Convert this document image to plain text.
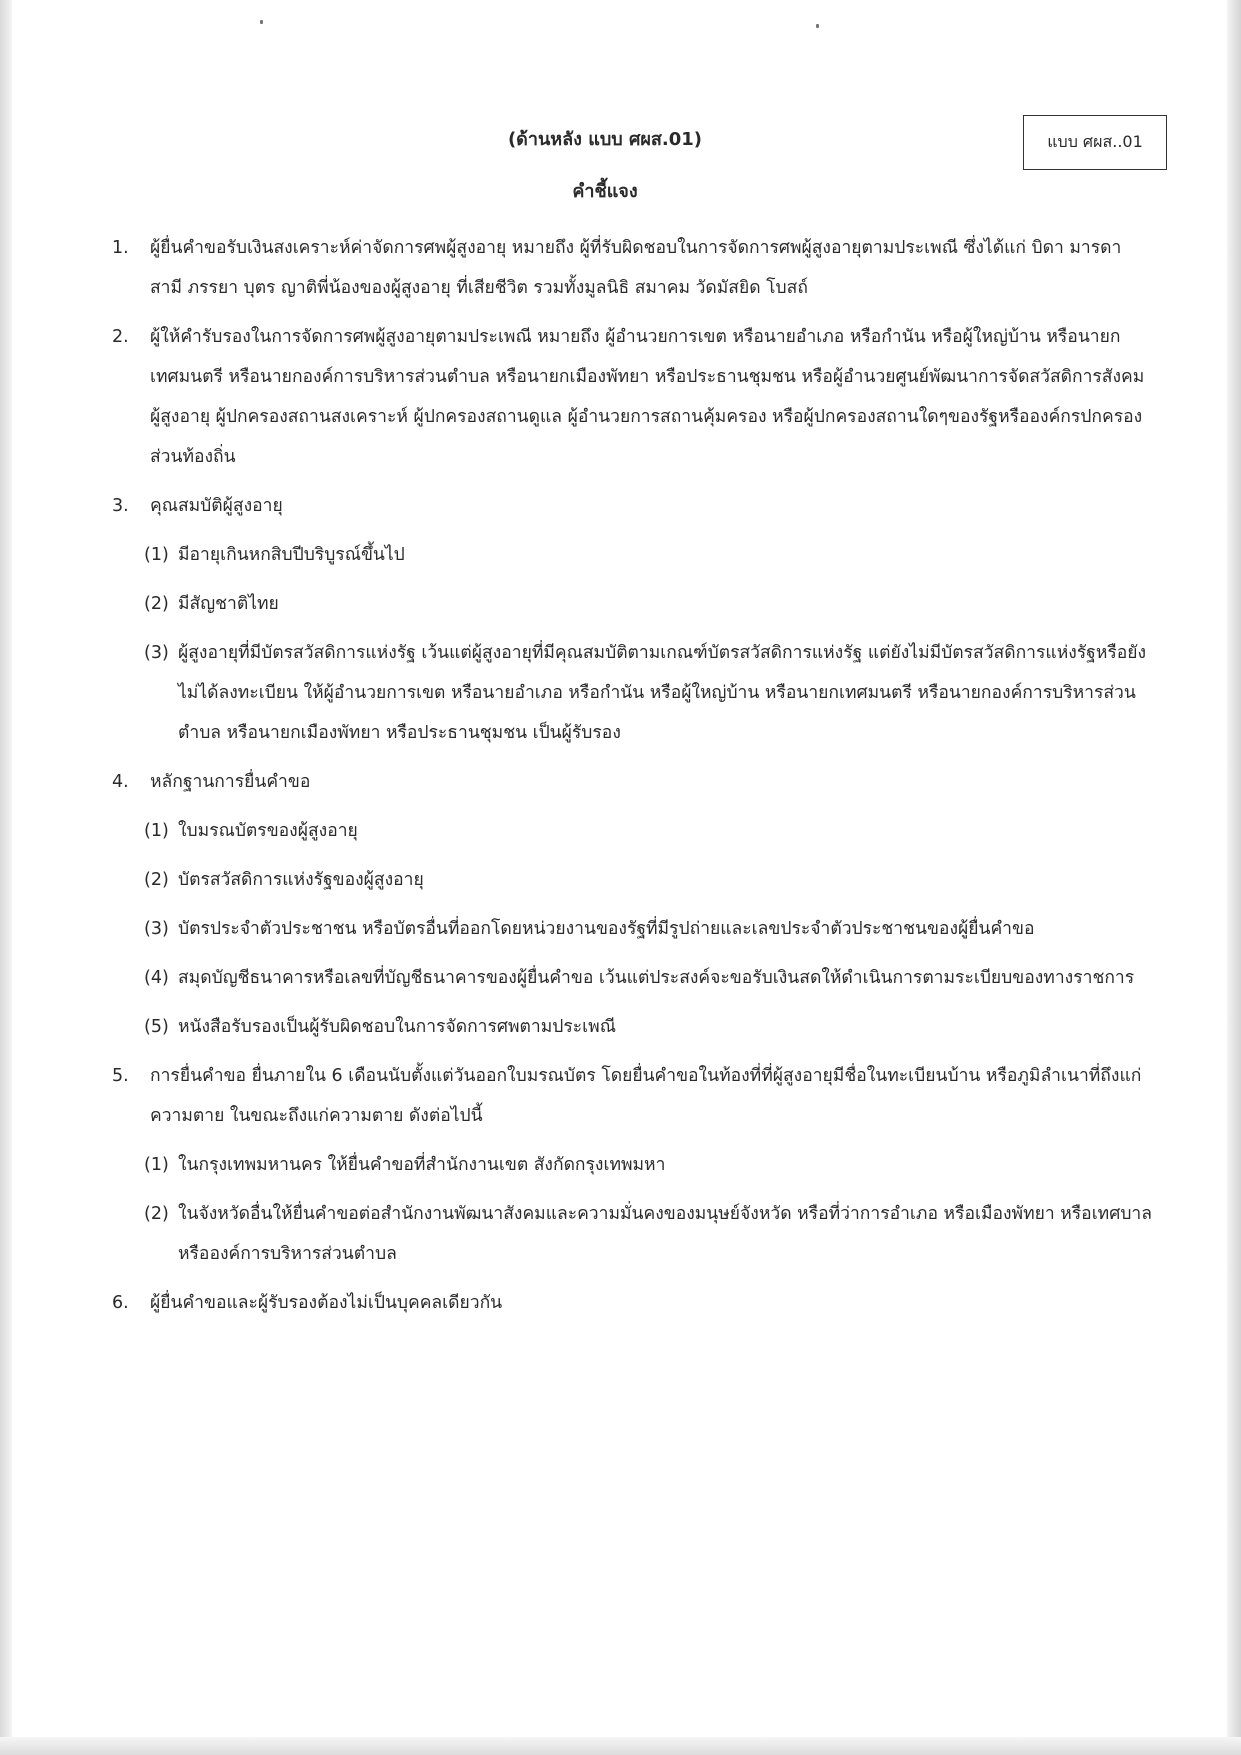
แบบ ศผส..01
(ด้านหลัง แบบ ศผส.01)
คำชี้แจง
1. ผู้ยื่นคำขอรับเงินสงเคราะห์ค่าจัดการศพผู้สูงอายุ หมายถึง ผู้ที่รับผิดชอบในการจัดการศพผู้สูงอายุตามประเพณี ซึ่งได้แก่ บิดา มารดา สามี ภรรยา บุตร ญาติพี่น้องของผู้สูงอายุ ที่เสียชีวิต รวมทั้งมูลนิธิ สมาคม วัดมัสยิด โบสถ์
2. ผู้ให้คำรับรองในการจัดการศพผู้สูงอายุตามประเพณี หมายถึง ผู้อำนวยการเขต หรือนายอำเภอ หรือกำนัน หรือผู้ใหญ่บ้าน หรือนายกเทศมนตรี หรือนายกองค์การบริหารส่วนตำบล หรือนายกเมืองพัทยา หรือประธานชุมชน หรือผู้อำนวยศูนย์พัฒนาการจัดสวัสดิการสังคมผู้สูงอายุ ผู้ปกครองสถานสงเคราะห์ ผู้ปกครองสถานดูแล ผู้อำนวยการสถานคุ้มครอง หรือผู้ปกครองสถานใดๆของรัฐหรือองค์กรปกครองส่วนท้องถิ่น
3. คุณสมบัติผู้สูงอายุ
(1) มีอายุเกินหกสิบปีบริบูรณ์ขึ้นไป
(2) มีสัญชาติไทย
(3) ผู้สูงอายุที่มีบัตรสวัสดิการแห่งรัฐ เว้นแต่ผู้สูงอายุที่มีคุณสมบัติตามเกณฑ์บัตรสวัสดิการแห่งรัฐ แต่ยังไม่มีบัตรสวัสดิการแห่งรัฐหรือยังไม่ได้ลงทะเบียน ให้ผู้อำนวยการเขต หรือนายอำเภอ หรือกำนัน หรือผู้ใหญ่บ้าน หรือนายกเทศมนตรี หรือนายกองค์การบริหารส่วนตำบล หรือนายกเมืองพัทยา หรือประธานชุมชน เป็นผู้รับรอง
4. หลักฐานการยื่นคำขอ
(1) ใบมรณบัตรของผู้สูงอายุ
(2) บัตรสวัสดิการแห่งรัฐของผู้สูงอายุ
(3) บัตรประจำตัวประชาชน หรือบัตรอื่นที่ออกโดยหน่วยงานของรัฐที่มีรูปถ่ายและเลขประจำตัวประชาชนของผู้ยื่นคำขอ
(4) สมุดบัญชีธนาคารหรือเลขที่บัญชีธนาคารของผู้ยื่นคำขอ เว้นแต่ประสงค์จะขอรับเงินสดให้ดำเนินการตามระเบียบของทางราชการ
(5) หนังสือรับรองเป็นผู้รับผิดชอบในการจัดการศพตามประเพณี
5. การยื่นคำขอ ยื่นภายใน 6 เดือนนับตั้งแต่วันออกใบมรณบัตร โดยยื่นคำขอในท้องที่ที่ผู้สูงอายุมีชื่อในทะเบียนบ้าน หรือภูมิลำเนาที่ถึงแก่ความตาย ในขณะถึงแก่ความตาย ดังต่อไปนี้
(1) ในกรุงเทพมหานคร ให้ยื่นคำขอที่สำนักงานเขต สังกัดกรุงเทพมหา
(2) ในจังหวัดอื่นให้ยื่นคำขอต่อสำนักงานพัฒนาสังคมและความมั่นคงของมนุษย์จังหวัด หรือที่ว่าการอำเภอ หรือเมืองพัทยา หรือเทศบาล หรือองค์การบริหารส่วนตำบล
6. ผู้ยื่นคำขอและผู้รับรองต้องไม่เป็นบุคคลเดียวกัน
